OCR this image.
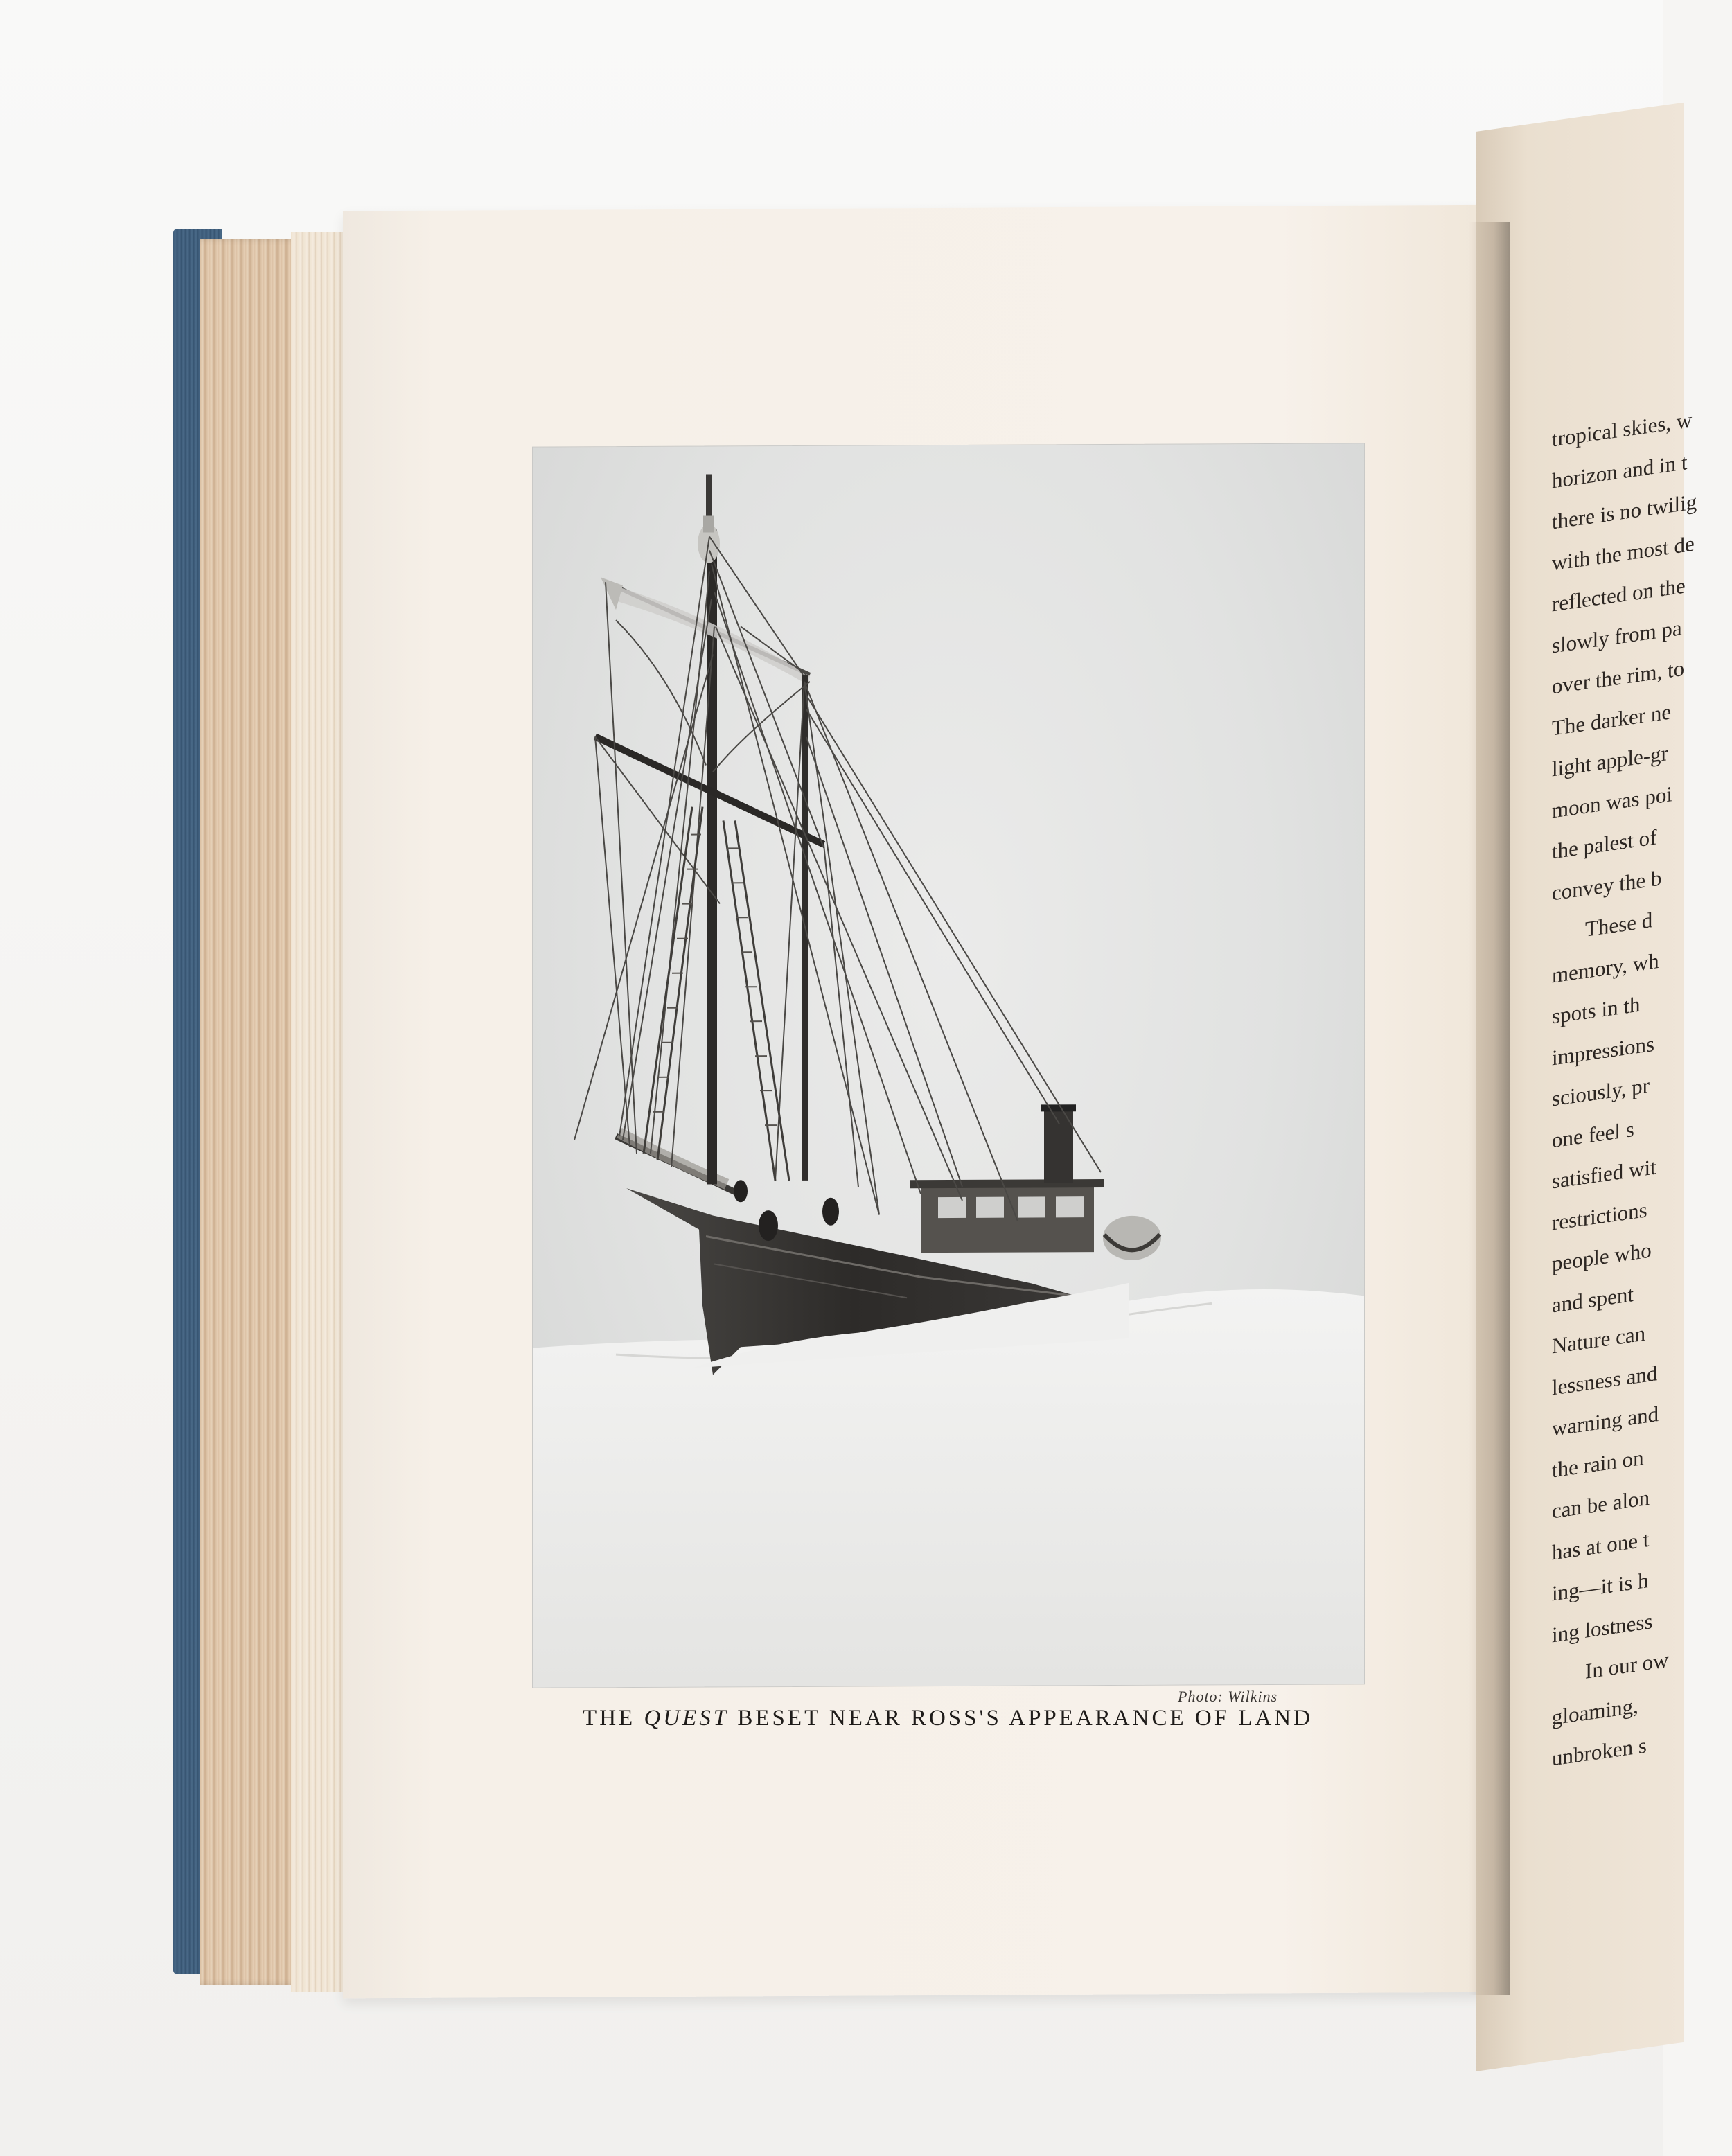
tropical skies, w
horizon and in t
there is no twilig
with the most de
reflected on the
slowly from pa
over the rim, to
The darker ne
light apple-gr
moon was poi
the palest of
convey the b
These d
memory, wh
spots in th
impressions
sciously, pr
one feel s
satisfied wit
restrictions
people who
and spent
Nature can
lessness and
warning and
the rain on
can be alon
has at one t
ing—it is h
ing lostness
In our ow
gloaming,
unbroken s
Photo: Wilkins
THE QUEST BESET NEAR ROSS'S APPEARANCE OF LAND
